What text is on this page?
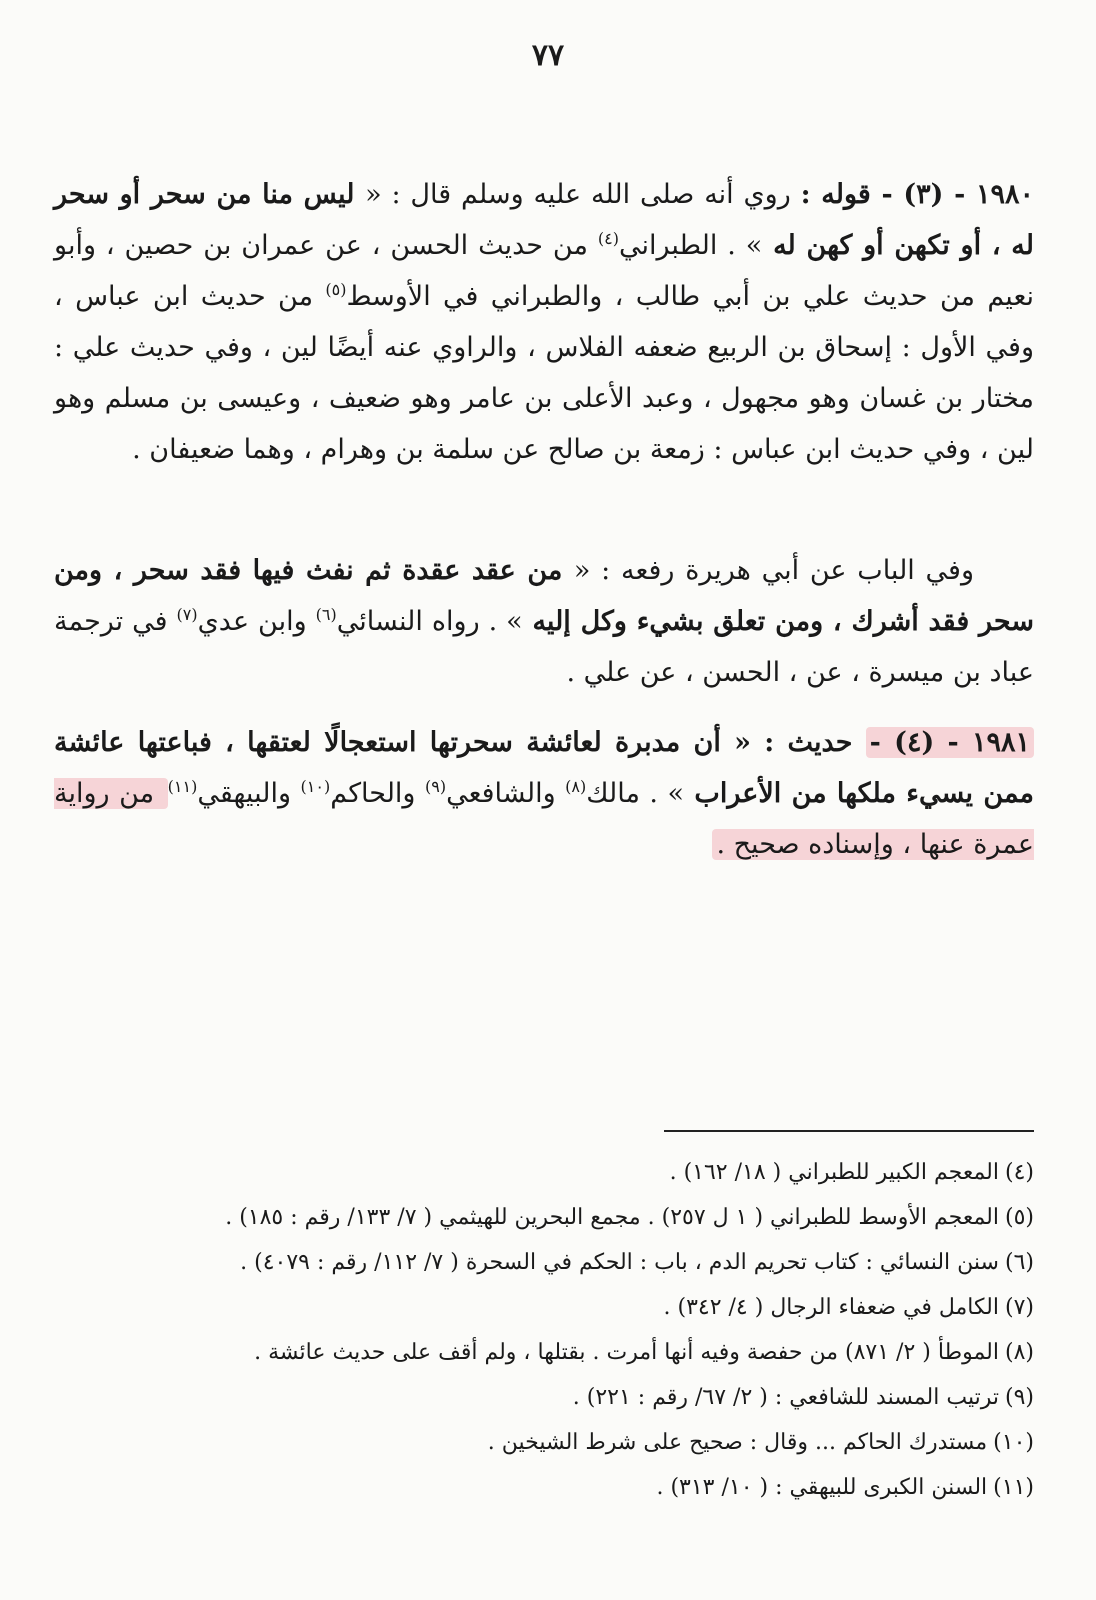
٧٧

١٩٨٠ - (٣) - قوله : روي أنه صلى الله عليه وسلم قال : « ليس منا من سحر أو سحر له ، أو تكهن أو كهن له » . الطبراني$^{(٤)}$ من حديث الحسن ، عن عمران بن حصين ، وأبو نعيم من حديث علي بن أبي طالب ، والطبراني في الأوسط$^{(٥)}$ من حديث ابن عباس ، وفي الأول : إسحاق بن الربيع ضعفه الفلاس ، والراوي عنه أيضًا لين ، وفي حديث علي : مختار بن غسان وهو مجهول ، وعبد الأعلى بن عامر وهو ضعيف ، وعيسى بن مسلم وهو لين ، وفي حديث ابن عباس : زمعة بن صالح عن سلمة بن وهرام ، وهما ضعيفان .

وفي الباب عن أبي هريرة رفعه : « من عقد عقدة ثم نفث فيها فقد سحر ، ومن سحر فقد أشرك ، ومن تعلق بشيء وكل إليه » . رواه النسائي$^{(٦)}$ وابن عدي$^{(٧)}$ في ترجمة عباد بن ميسرة ، عن ، الحسن ، عن علي .

١٩٨١ - (٤) - حديث : « أن مدبرة لعائشة سحرتها استعجالًا لعتقها ، فباعتها عائشة ممن يسيء ملكها من الأعراب » . مالك$^{(٨)}$ والشافعي$^{(٩)}$ والحاكم$^{(١٠)}$ والبيهقي$^{(١١)}$ من رواية عمرة عنها ، وإسناده صحيح .

(٤)المعجم الكبير للطبراني ( ١٨/ ١٦٢) .
(٥)المعجم الأوسط للطبراني ( ١ ل ٢٥٧) . مجمع البحرين للهيثمي ( ٧/ ١٣٣/ رقم : ١٨٥) .
(٦)سنن النسائي : كتاب تحريم الدم ، باب : الحكم في السحرة ( ٧/ ١١٢/ رقم : ٤٠٧٩) .
(٧)الكامل في ضعفاء الرجال ( ٤/ ٣٤٢) .
(٨)الموطأ ( ٢/ ٨٧١) من حفصة وفيه أنها أمرت . بقتلها ، ولم أقف على حديث عائشة .
(٩)ترتيب المسند للشافعي : ( ٢/ ٦٧/ رقم : ٢٢١) .
(١٠)مستدرك الحاكم ... وقال : صحيح على شرط الشيخين .
(١١)السنن الكبرى للبيهقي : ( ١٠/ ٣١٣) .
